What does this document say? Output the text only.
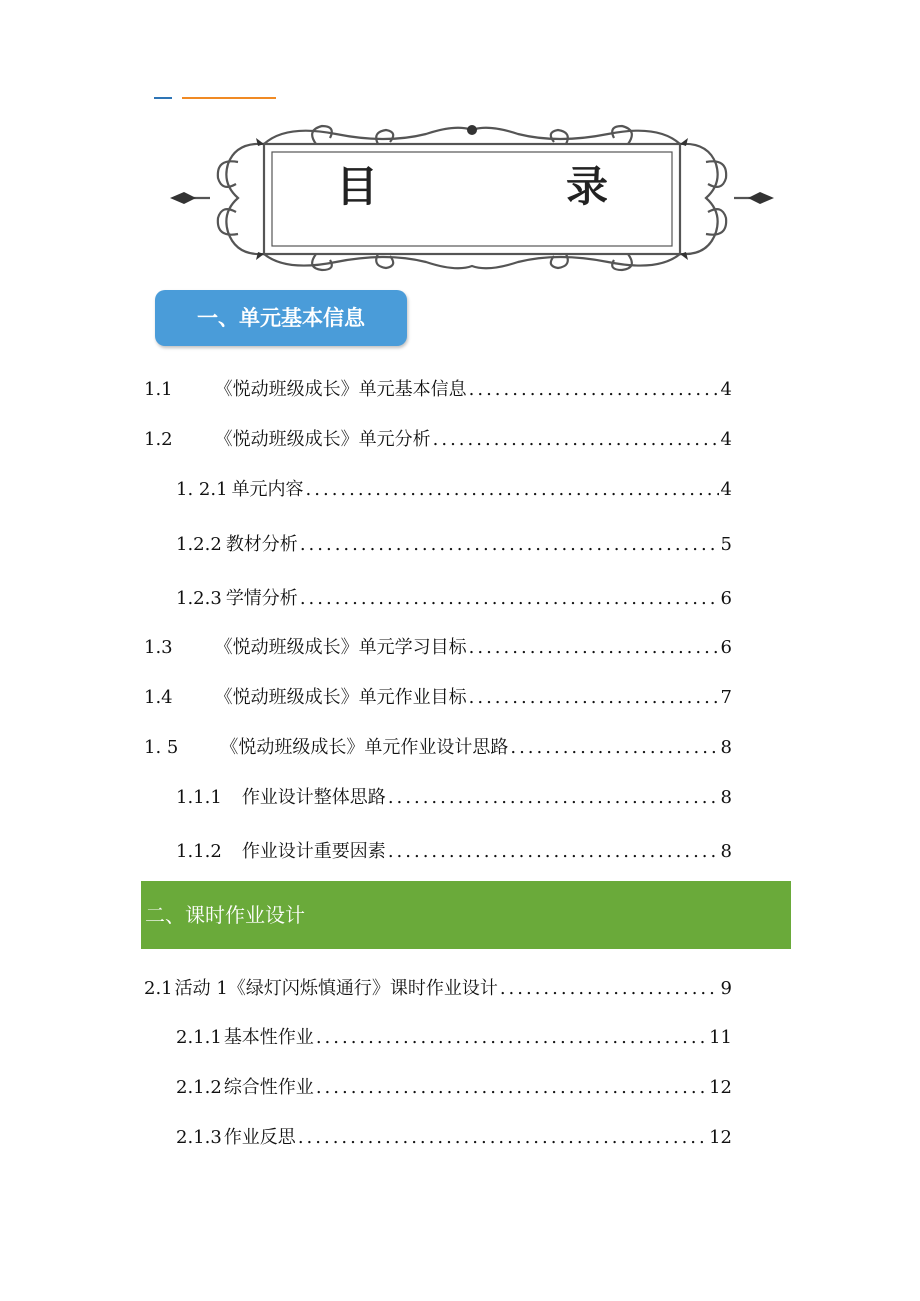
目	录
一、单元基本信息
1.1 《悦动班级成长》单元基本信息 .....	4
1.2 《悦动班级成长》单元分析 .....	4
1. 2.1 单元内容 .....	4
1.2.2 教材分析 .....	5
1.2.3 学情分析 .....	6
1.3 《悦动班级成长》单元学习目标 .....	6
1.4 《悦动班级成长》单元作业目标 .....	7
1. 5 《悦动班级成长》单元作业设计思路 .....	8
1.1.1 作业设计整体思路 .....	8
1.1.2 作业设计重要因素 .....	8
二、课时作业设计
2.1 活动 1《绿灯闪烁慎通行》课时作业设计 .....	9
2.1.1 基本性作业 .....	11
2.1.2 综合性作业 .....	12
2.1.3 作业反思 .....	12
